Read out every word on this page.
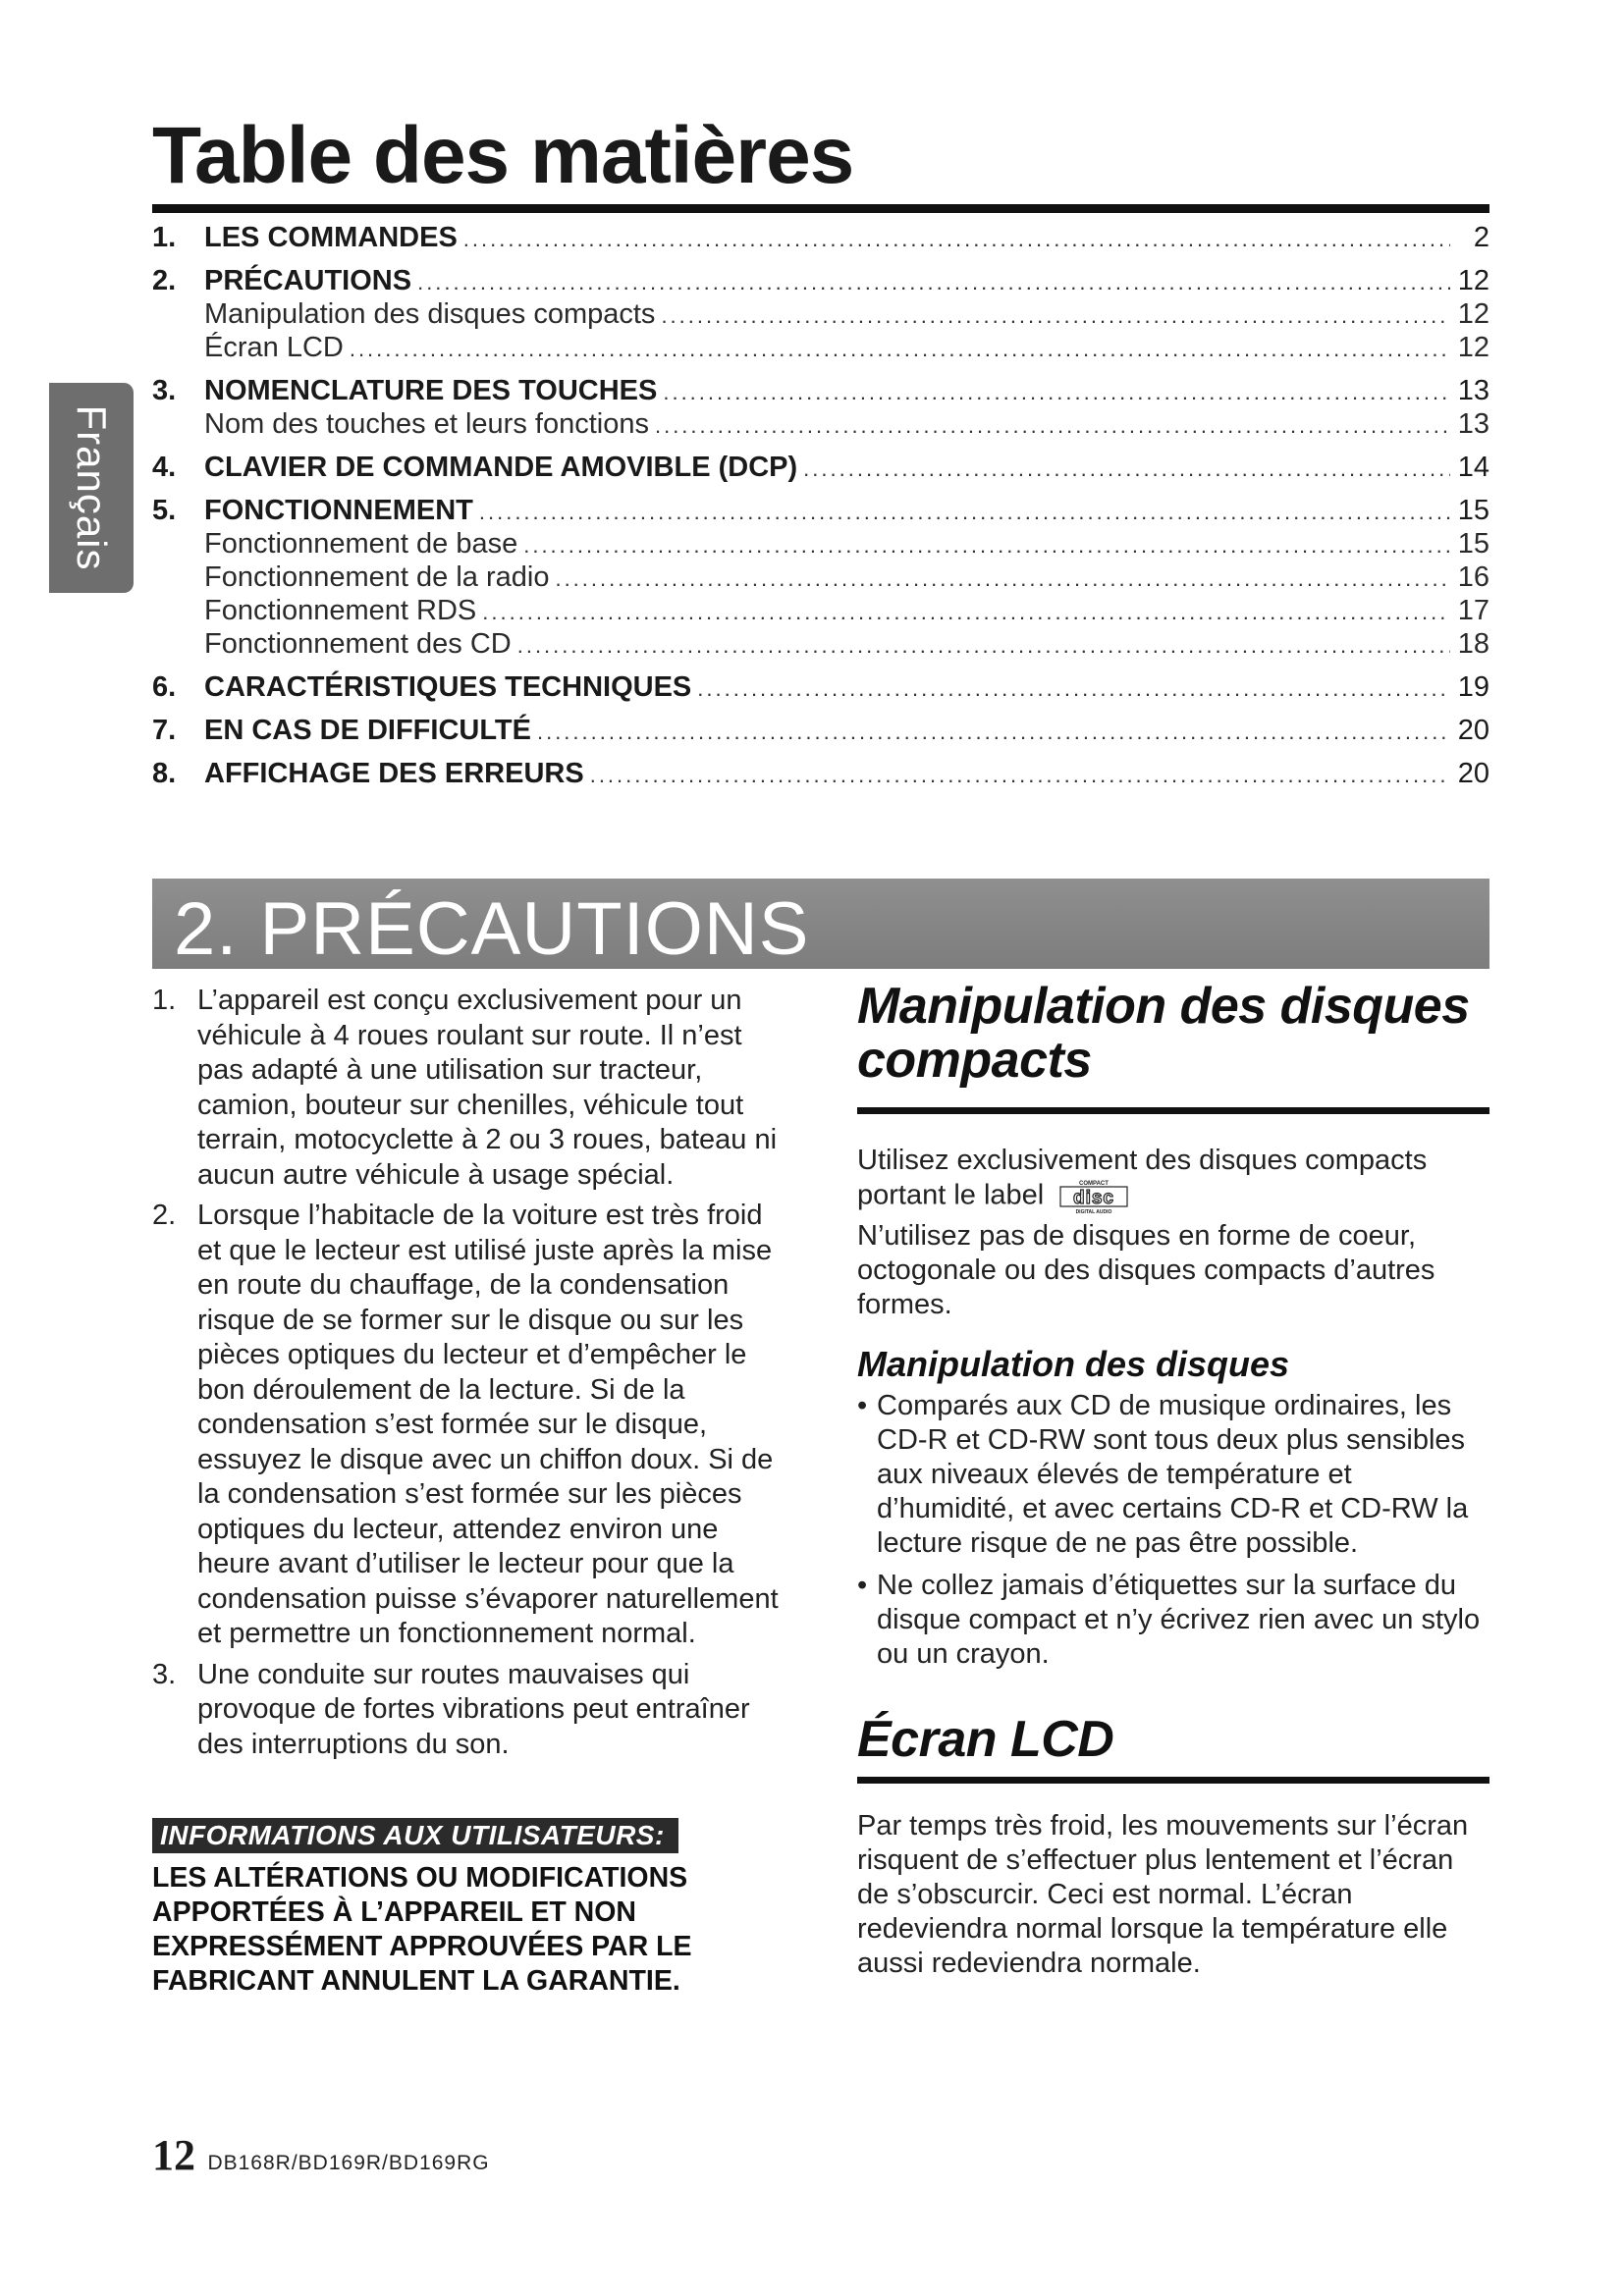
Table des matières
Français
1. LES COMMANDES .....	2
2. PRÉCAUTIONS .....	12
Manipulation des disques compacts .....	12
Écran LCD .....	12
3. NOMENCLATURE DES TOUCHES .....	13
Nom des touches et leurs fonctions .....	13
4. CLAVIER DE COMMANDE AMOVIBLE (DCP) .....	14
5. FONCTIONNEMENT .....	15
Fonctionnement de base .....	15
Fonctionnement de la radio .....	16
Fonctionnement RDS .....	17
Fonctionnement des CD .....	18
6. CARACTÉRISTIQUES TECHNIQUES .....	19
7. EN CAS DE DIFFICULTÉ .....	20
8. AFFICHAGE DES ERREURS .....	20
2. PRÉCAUTIONS
1. L’appareil est conçu exclusivement pour un véhicule à 4 roues roulant sur route. Il n’est pas adapté à une utilisation sur tracteur, camion, bouteur sur chenilles, véhicule tout terrain, motocyclette à 2 ou 3 roues, bateau ni aucun autre véhicule à usage spécial.
2. Lorsque l’habitacle de la voiture est très froid et que le lecteur est utilisé juste après la mise en route du chauffage, de la condensation risque de se former sur le disque ou sur les pièces optiques du lecteur et d’empêcher le bon déroulement de la lecture. Si de la condensation s’est formée sur le disque, essuyez le disque avec un chiffon doux. Si de la condensation s’est formée sur les pièces optiques du lecteur, attendez environ une heure avant d’utiliser le lecteur pour que la condensation puisse s’évaporer naturellement et permettre un fonctionnement normal.
3. Une conduite sur routes mauvaises qui provoque de fortes vibrations peut entraîner des interruptions du son.
INFORMATIONS AUX UTILISATEURS:
LES ALTÉRATIONS OU MODIFICATIONS APPORTÉES À L’APPAREIL ET NON EXPRESSÉMENT APPROUVÉES PAR LE FABRICANT ANNULENT LA GARANTIE.
Manipulation des disques compacts

Utilisez exclusivement des disques compacts portant le label	COMPACT
disc
DIGITAL AUDIO

N’utilisez pas de disques en forme de coeur, octogonale ou des disques compacts d’autres formes.

Manipulation des disques
• Comparés aux CD de musique ordinaires, les CD-R et CD-RW sont tous deux plus sensibles aux niveaux élevés de température et d’humidité, et avec certains CD-R et CD-RW la lecture risque de ne pas être possible.
• Ne collez jamais d’étiquettes sur la surface du disque compact et n’y écrivez rien avec un stylo ou un crayon.
Écran LCD

Par temps très froid, les mouvements sur l’écran risquent de s’effectuer plus lentement et l’écran de s’obscurcir. Ceci est normal. L’écran redeviendra normal lorsque la température elle aussi redeviendra normale.

12 DB168R/BD169R/BD169RG
